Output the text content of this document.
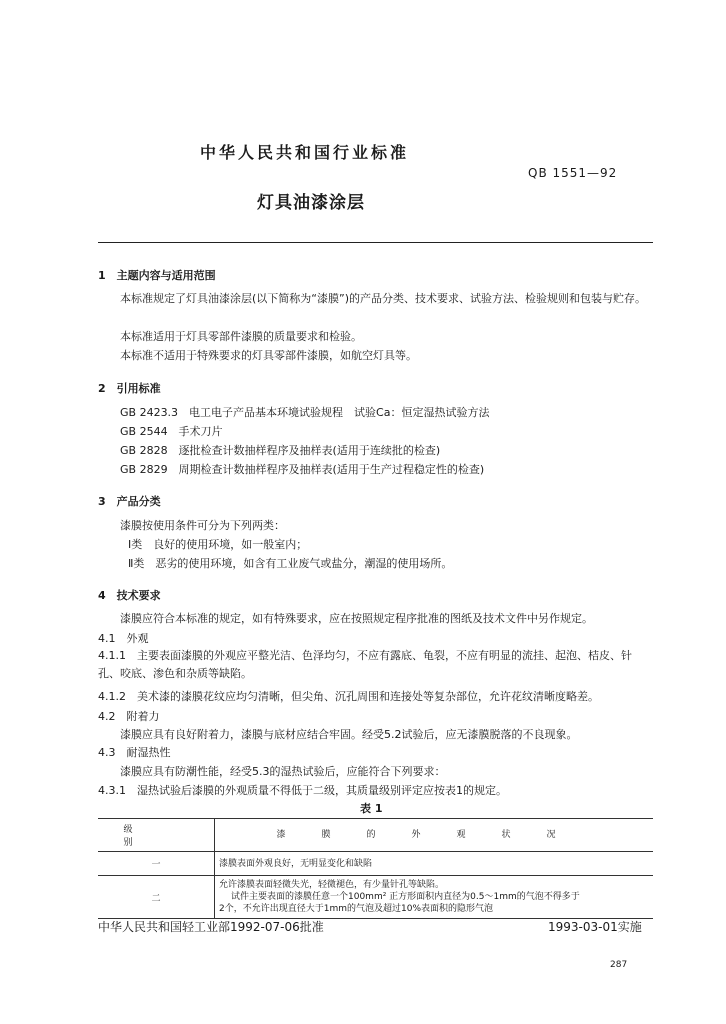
中华人民共和国行业标准
QB 1551—92
灯具油漆涂层
1　主题内容与适用范围
本标准规定了灯具油漆涂层(以下简称为“漆膜”)的产品分类、技术要求、试验方法、检验规则和包装与贮存。
本标准适用于灯具零部件漆膜的质量要求和检验。
本标准不适用于特殊要求的灯具零部件漆膜，如航空灯具等。
2　引用标准
GB 2423.3　电工电子产品基本环境试验规程　试验Ca：恒定湿热试验方法
GB 2544　手术刀片
GB 2828　逐批检查计数抽样程序及抽样表(适用于连续批的检查)
GB 2829　周期检查计数抽样程序及抽样表(适用于生产过程稳定性的检查)
3　产品分类
漆膜按使用条件可分为下列两类：
Ⅰ类　良好的使用环境，如一般室内；
Ⅱ类　恶劣的使用环境，如含有工业废气或盐分，潮湿的使用场所。
4　技术要求
漆膜应符合本标准的规定，如有特殊要求，应在按照规定程序批准的图纸及技术文件中另作规定。
4.1　外观
4.1.1　主要表面漆膜的外观应平整光洁、色泽均匀，不应有露底、龟裂，不应有明显的流挂、起泡、桔皮、针孔、咬底、渗色和杂质等缺陷。
4.1.2　美术漆的漆膜花纹应均匀清晰，但尖角、沉孔周围和连接处等复杂部位，允许花纹清晰度略差。
4.2　附着力
漆膜应具有良好附着力，漆膜与底材应结合牢固。经受5.2试验后，应无漆膜脱落的不良现象。
4.3　耐湿热性
漆膜应具有防潮性能，经受5.3的湿热试验后，应能符合下列要求：
4.3.1　湿热试验后漆膜的外观质量不得低于二级，其质量级别评定应按表1的规定。
表 1
级别	漆膜的外观状况
一	漆膜表面外观良好，无明显变化和缺陷

二	允许漆膜表面轻微失光，轻微褪色，有少量针孔等缺陷。
试件主要表面的漆膜任意一个100mm² 正方形面积内直径为0.5～1mm的气泡不得多于
2个，不允许出现直径大于1mm的气泡及超过10%表面积的隐形气泡
中华人民共和国轻工业部1992-07-06批准	1993-03-01实施
287
